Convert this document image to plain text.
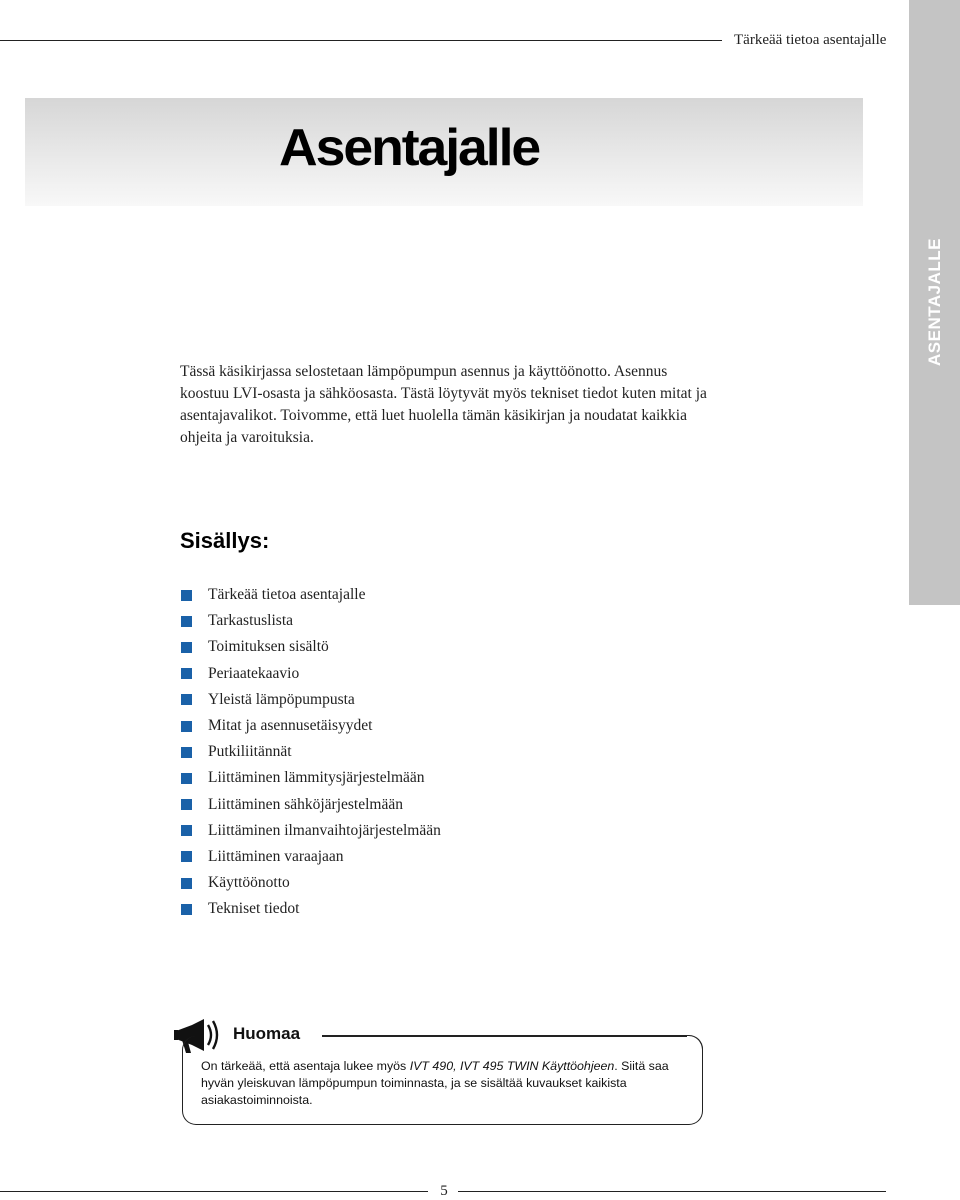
Tärkeää tietoa asentajalle
ASENTAJALLE
Asentajalle
Tässä käsikirjassa selostetaan lämpöpumpun asennus ja käyttöönotto. Asennus koostuu LVI-osasta ja sähköosasta. Tästä löytyvät myös tekniset tiedot kuten mitat ja asentajavalikot. Toivomme, että luet huolella tämän käsikirjan ja noudatat kaikkia ohjeita ja varoituksia.
Sisällys:
Tärkeää tietoa asentajalle
Tarkastuslista
Toimituksen sisältö
Periaatekaavio
Yleistä lämpöpumpusta
Mitat ja asennusetäisyydet
Putkiliitännät
Liittäminen lämmitysjärjestelmään
Liittäminen sähköjärjestelmään
Liittäminen ilmanvaihtojärjestelmään
Liittäminen varaajaan
Käyttöönotto
Tekniset tiedot
Huomaa
On tärkeää, että asentaja lukee myös IVT 490, IVT 495 TWIN Käyttöohjeen. Siitä saa hyvän yleiskuvan lämpöpumpun toiminnasta, ja se sisältää kuvaukset kaikista asiakastoiminnoista.
5
